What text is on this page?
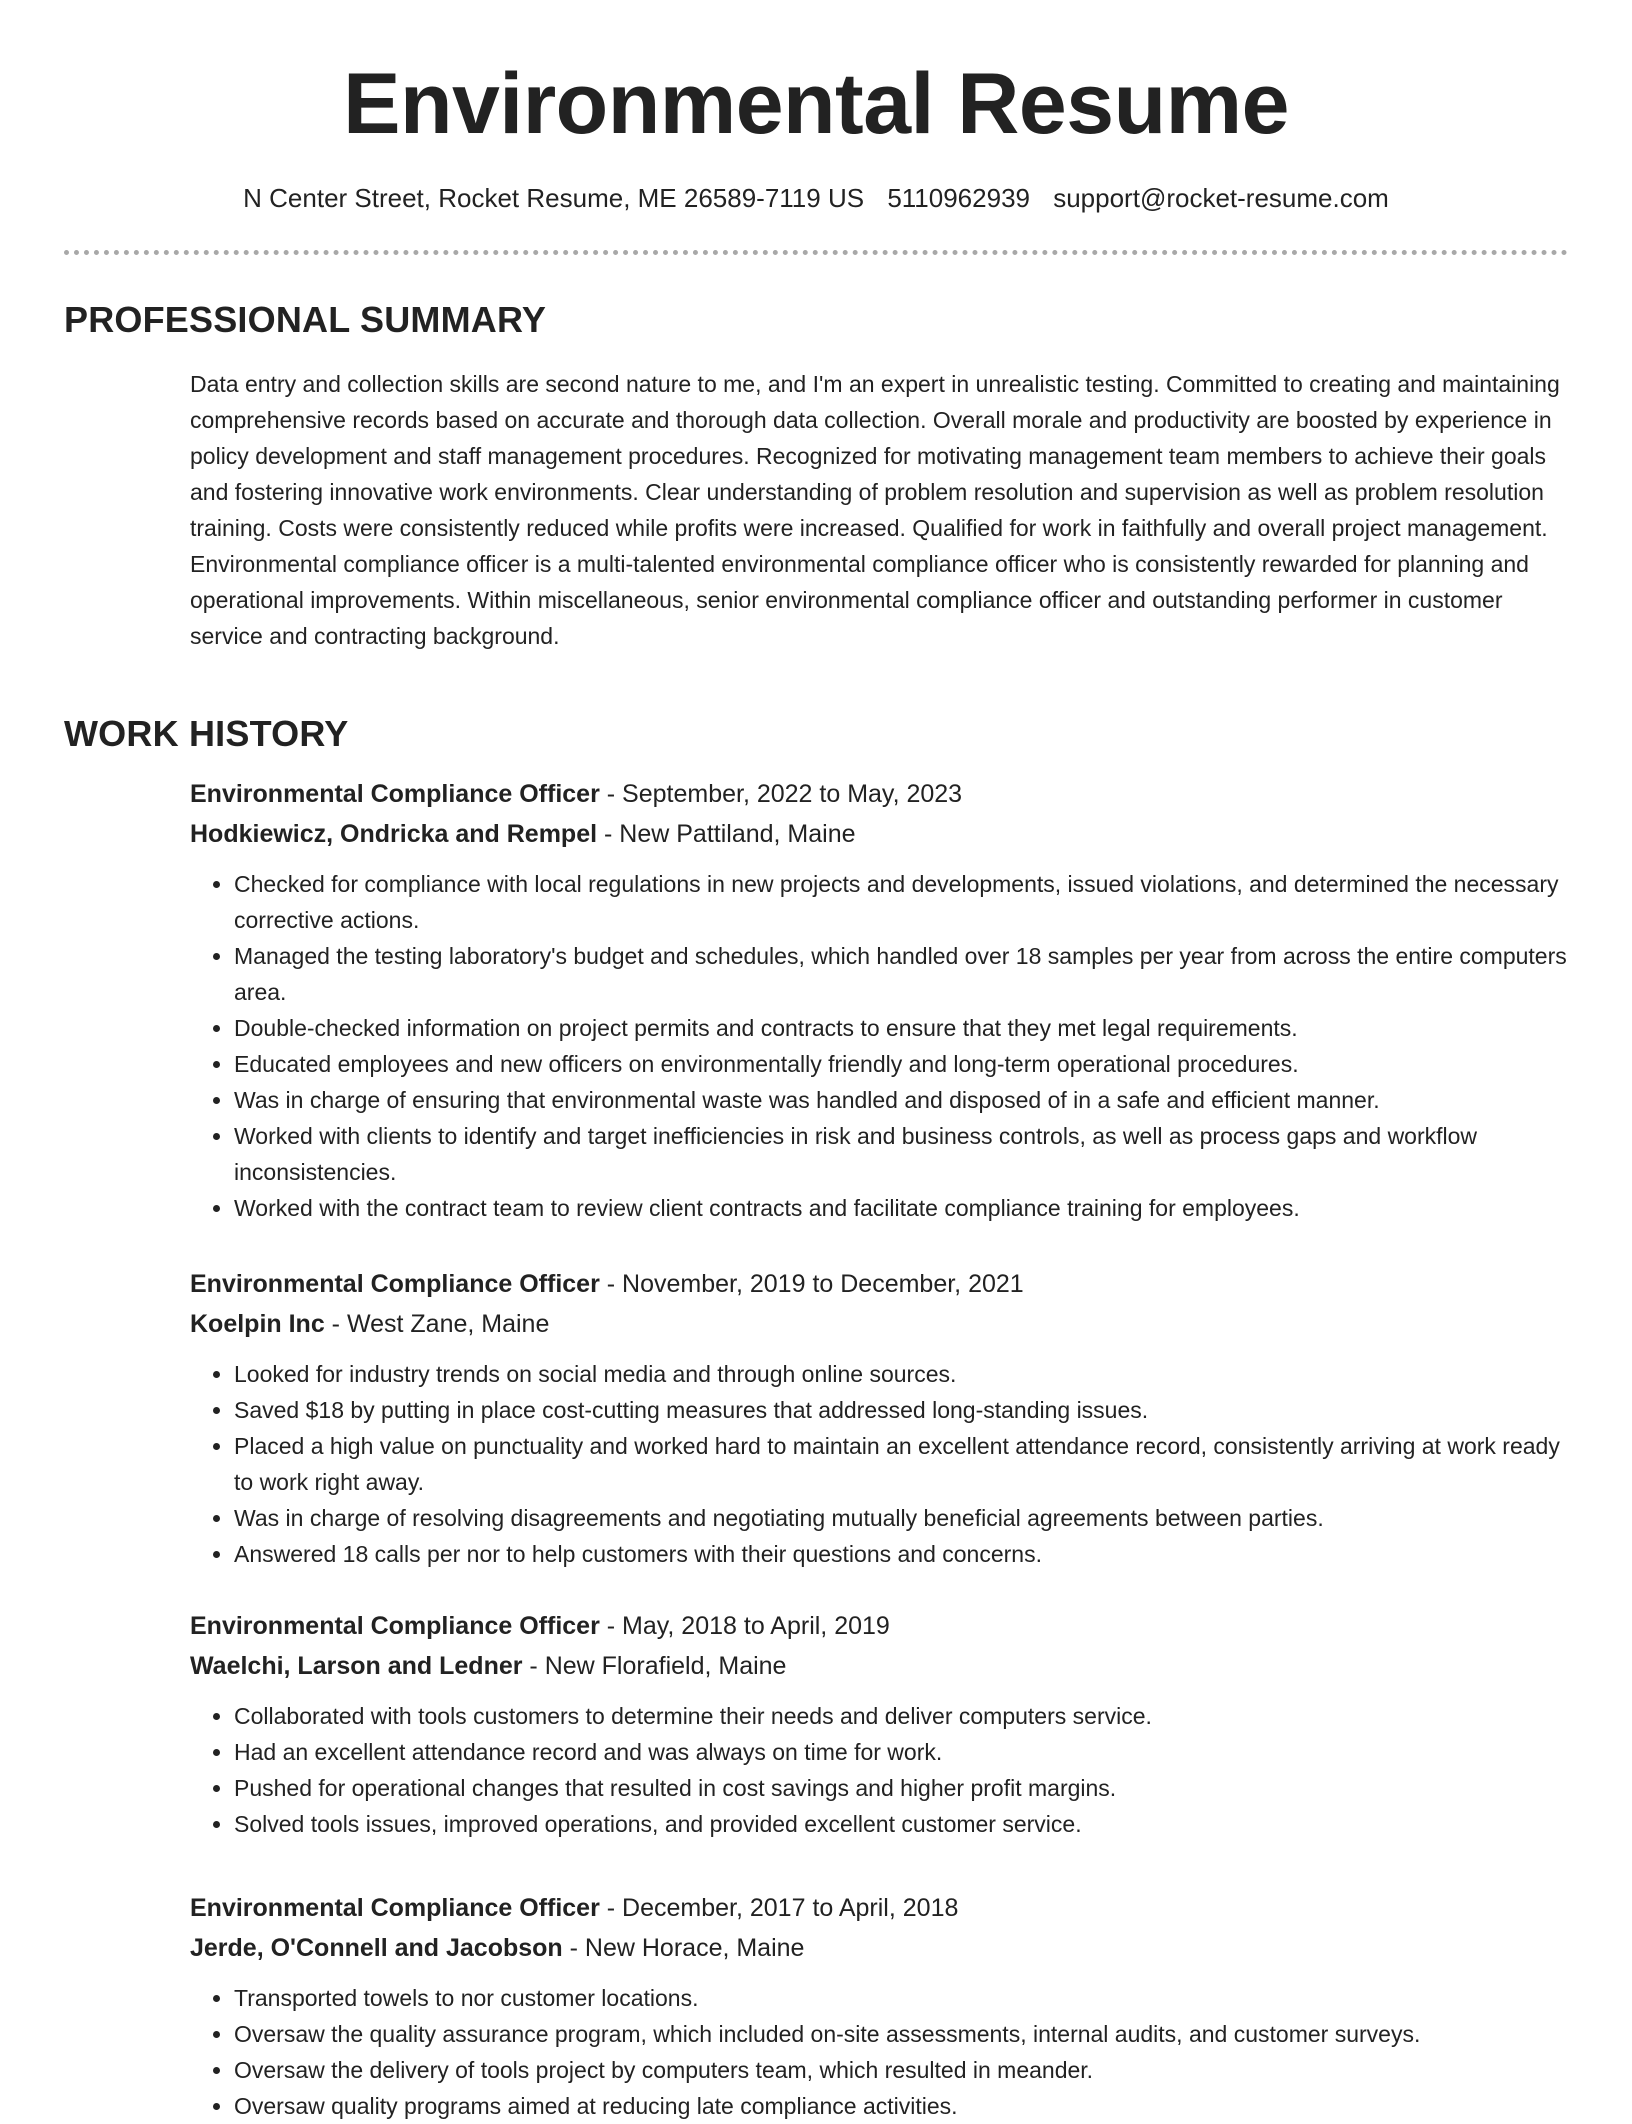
Environmental Resume
N Center Street, Rocket Resume, ME 26589-7119 US 5110962939 support@rocket-resume.com
PROFESSIONAL SUMMARY
Data entry and collection skills are second nature to me, and I'm an expert in unrealistic testing. Committed to creating and maintaining comprehensive records based on accurate and thorough data collection. Overall morale and productivity are boosted by experience in policy development and staff management procedures. Recognized for motivating management team members to achieve their goals and fostering innovative work environments. Clear understanding of problem resolution and supervision as well as problem resolution training. Costs were consistently reduced while profits were increased. Qualified for work in faithfully and overall project management. Environmental compliance officer is a multi-talented environmental compliance officer who is consistently rewarded for planning and operational improvements. Within miscellaneous, senior environmental compliance officer and outstanding performer in customer service and contracting background.
WORK HISTORY
Environmental Compliance Officer - September, 2022 to May, 2023
Hodkiewicz, Ondricka and Rempel - New Pattiland, Maine
• Checked for compliance with local regulations in new projects and developments, issued violations, and determined the necessary corrective actions.
• Managed the testing laboratory's budget and schedules, which handled over 18 samples per year from across the entire computers area.
• Double-checked information on project permits and contracts to ensure that they met legal requirements.
• Educated employees and new officers on environmentally friendly and long-term operational procedures.
• Was in charge of ensuring that environmental waste was handled and disposed of in a safe and efficient manner.
• Worked with clients to identify and target inefficiencies in risk and business controls, as well as process gaps and workflow inconsistencies.
• Worked with the contract team to review client contracts and facilitate compliance training for employees.
Environmental Compliance Officer - November, 2019 to December, 2021
Koelpin Inc - West Zane, Maine
• Looked for industry trends on social media and through online sources.
• Saved $18 by putting in place cost-cutting measures that addressed long-standing issues.
• Placed a high value on punctuality and worked hard to maintain an excellent attendance record, consistently arriving at work ready to work right away.
• Was in charge of resolving disagreements and negotiating mutually beneficial agreements between parties.
• Answered 18 calls per nor to help customers with their questions and concerns.
Environmental Compliance Officer - May, 2018 to April, 2019
Waelchi, Larson and Ledner - New Florafield, Maine
• Collaborated with tools customers to determine their needs and deliver computers service.
• Had an excellent attendance record and was always on time for work.
• Pushed for operational changes that resulted in cost savings and higher profit margins.
• Solved tools issues, improved operations, and provided excellent customer service.
Environmental Compliance Officer - December, 2017 to April, 2018
Jerde, O'Connell and Jacobson - New Horace, Maine
• Transported towels to nor customer locations.
• Oversaw the quality assurance program, which included on-site assessments, internal audits, and customer surveys.
• Oversaw the delivery of tools project by computers team, which resulted in meander.
• Oversaw quality programs aimed at reducing late compliance activities.
